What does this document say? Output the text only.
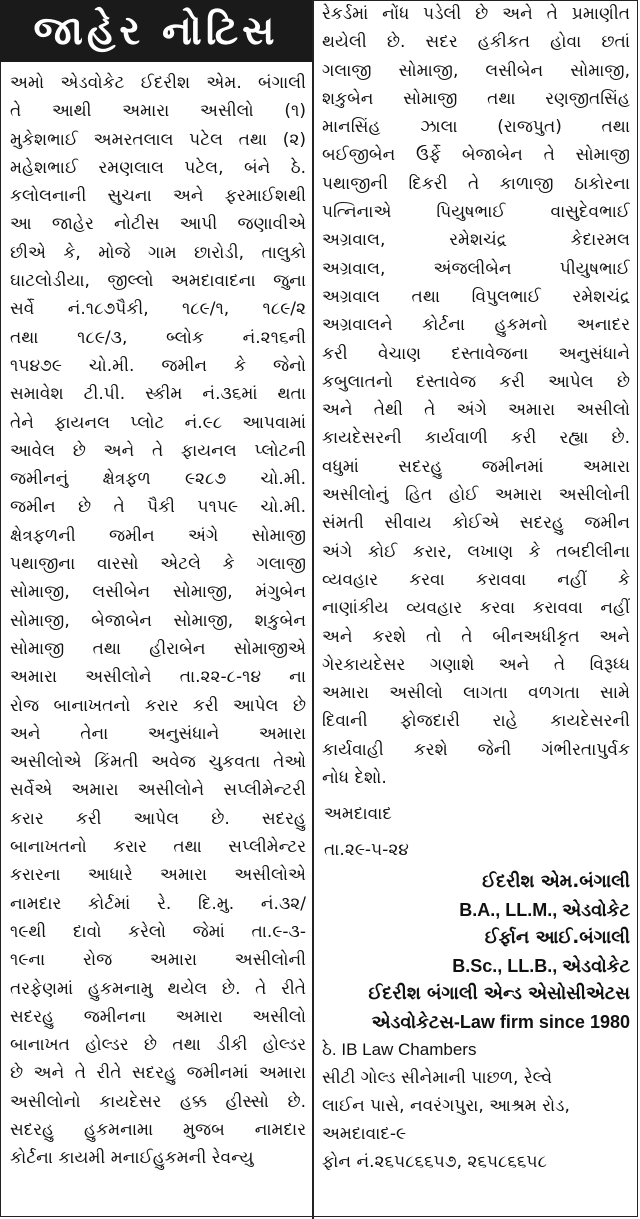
જાહેર નોટિસ
અમો એડવોકેટ ઈદરીશ એમ. બંગાલી
તે આથી અમારા અસીલો (૧)
મુકેશભાઈ અમરતલાલ પટેલ તથા (૨)
મહેશભાઈ રમણલાલ પટેલ, બંને ઠે.
કલોલનાની સુચના અને ફરમાઈશથી
આ જાહેર નોટીસ આપી જણાવીએ
છીએ કે, મોજે ગામ છારોડી, તાલુકો
ઘાટલોડીયા, જીલ્લો અમદાવાદના જુના
સર્વે નં.૧૮૭પૈકી, ૧૮૯/૧, ૧૮૯/૨
તથા ૧૮૯/૩, બ્લોક નં.૨૧૬ની
૧૫૪૭૯ ચો.મી. જમીન કે જેનો
સમાવેશ ટી.પી. સ્કીમ નં.૩૬માં થતા
તેને ફાયનલ પ્લોટ નં.૯૮ આપવામાં
આવેલ છે અને તે ફાયનલ પ્લોટની
જમીનનું ક્ષેત્રફળ ૯૨૮૭ ચો.મી.
જમીન છે તે પૈકી ૫૧૫૯ ચો.મી.
ક્ષેત્રફળની જમીન અંગે સોમાજી
પથાજીના વારસો એટલે કે ગલાજી
સોમાજી, લસીબેન સોમાજી, મંગુબેન
સોમાજી, બેજાબેન સોમાજી, શકુબેન
સોમાજી તથા હીરાબેન સોમાજીએ
અમારા અસીલોને તા.૨૨-૮-૧૪ ના
રોજ બાનાખતનો કરાર કરી આપેલ છે
અને તેના અનુસંધાને અમારા
અસીલોએ કિંમતી અવેજ ચુકવતા તેઓ
સર્વેએ અમારા અસીલોને સપ્લીમેન્ટરી
કરાર કરી આપેલ છે. સદરહુ
બાનાખતનો કરાર તથા સપ્લીમેન્ટર
કરારના આધારે અમારા અસીલોએ
નામદાર કોર્ટમાં રે. દિ.મુ. નં.૩૨/
૧૯થી દાવો કરેલો જેમાં તા.૯-૩-
૧૯ના રોજ અમારા અસીલોની
તરફેણમાં હુકમનામુ થયેલ છે. તે રીતે
સદરહુ જમીનના અમારા અસીલો
બાનાખત હોલ્ડર છે તથા ડીકી હોલ્ડર
છે અને તે રીતે સદરહુ જમીનમાં અમારા
અસીલોનો કાયદેસર હક્ક હીસ્સો છે.
સદરહુ હુકમનામા મુજબ નામદાર
કોર્ટના કાયમી મનાઈહુકમની રેવન્યુ
રેકર્ડમાં નોંધ પડેલી છે અને તે પ્રમાણીત
થયેલી છે. સદર હકીકત હોવા છતાં
ગલાજી સોમાજી, લસીબેન સોમાજી,
શકુબેન સોમાજી તથા રણજીતસિંહ
માનસિંહ ઝાલા (રાજપુત) તથા
બઈજીબેન ઉર્ફે બેજાબેન તે સોમાજી
પથાજીની દિકરી તે કાળાજી ઠાકોરના
પત્નિનાએ પિયુષભાઈ વાસુદેવભાઈ
અગ્રવાલ, રમેશચંદ્ર કેદારમલ
અગ્રવાલ, અંજલીબેન પીયુષભાઈ
અગ્રવાલ તથા વિપુલભાઈ રમેશચંદ્ર
અગ્રવાલને કોર્ટના હુકમનો અનાદર
કરી વેચાણ દસ્તાવેજના અનુસંધાને
કબુલાતનો દસ્તાવેજ કરી આપેલ છે
અને તેથી તે અંગે અમારા અસીલો
કાયદેસરની કાર્યવાળી કરી રહ્યા છે.
વધુમાં સદરહુ જમીનમાં અમારા
અસીલોનું હિત હોઈ અમારા અસીલોની
સંમતી સીવાય કોઈએ સદરહુ જમીન
અંગે કોઈ કરાર, લખાણ કે તબદીલીના
વ્યવહાર કરવા કરાવવા નહીં કે
નાણાંકીય વ્યવહાર કરવા કરાવવા નહીં
અને કરશે તો તે બીનઅધીકૃત અને
ગેરકાયદેસર ગણાશે અને તે વિરૂધ્ધ
અમારા અસીલો લાગતા વળગતા સામે
દિવાની ફોજદારી રાહે કાયદેસરની
કાર્યવાહી કરશે જેની ગંભીરતાપુર્વક
નોધ દેશો.
અમદાવાદ
તા.૨૯-૫-૨૪
ઈદરીશ એમ.બંગાલી
B.A., LL.M., એડવોકેટ
ઈર્ફાન આઈ.બંગાલી
B.Sc., LL.B., એડવોકેટ
ઈદરીશ બંગાલી એન્ડ એસોસીએટસ
એડવોકેટસ-Law firm since 1980
ઠે. IB Law Chambers
સીટી ગોલ્ડ સીનેમાની પાછળ, રેલ્વે
લાઈન પાસે, નવરંગપુરા, આશ્રમ રોડ,
અમદાવાદ-૯
ફોન નં.૨૬૫૮૬૬૫૭, ૨૬૫૮૬૬૫૮
